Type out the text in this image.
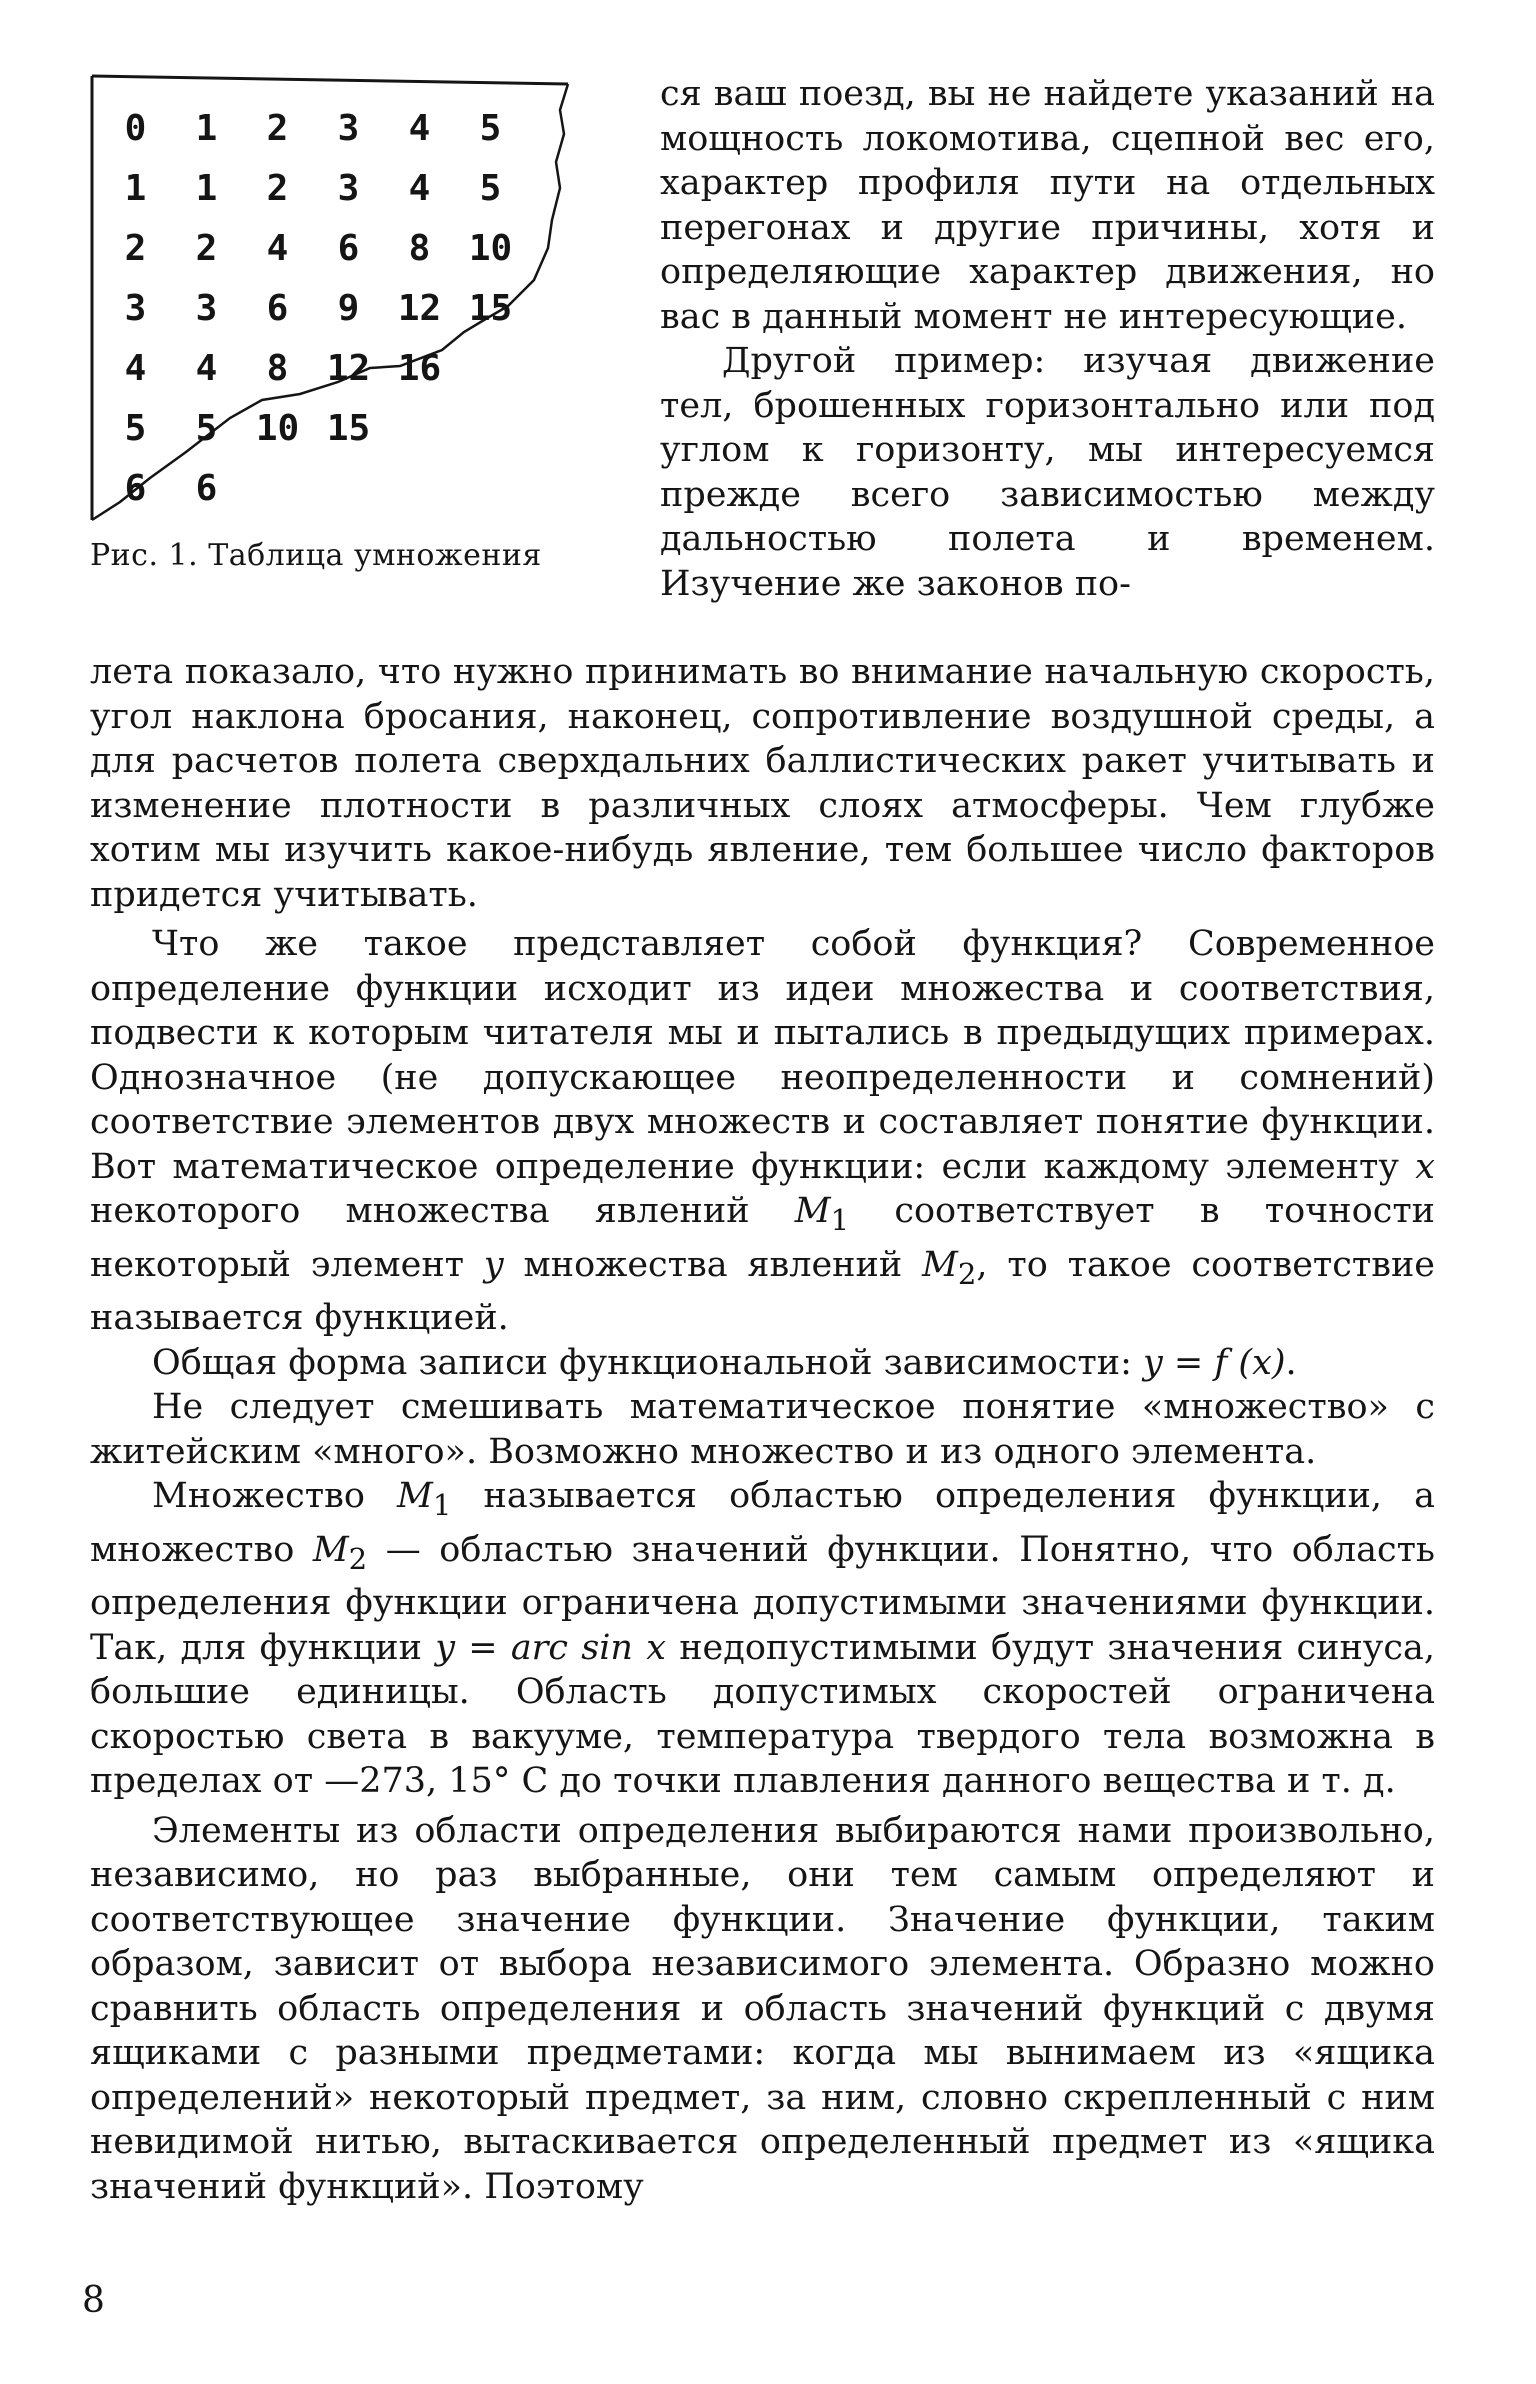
0	1	2	3	4	5
1	1	2	3	4	5
2	2	4	6	8	10
3	3	6	9	12	15
4	4	8	12	16	
5	5	10	15		
6	6				
Рис. 1. Таблица умножения

ся ваш поезд, вы не найдете указаний на мощность локомотива, сцепной вес его, характер профиля пути на отдельных перегонах и другие причины, хотя и определяющие характер движения, но вас в данный момент не интересующие.

Другой пример: изучая движение тел, брошенных горизонтально или под углом к горизонту, мы интересуемся прежде всего зависимостью между дальностью полета и временем. Изучение же законов по-

лета показало, что нужно принимать во внимание начальную скорость, угол наклона бросания, наконец, сопротивление воздушной среды, а для расчетов полета сверхдальних баллистических ракет учитывать и изменение плотности в различных слоях атмосферы. Чем глубже хотим мы изучить какое-нибудь явление, тем большее число факторов придется учитывать.

Что же такое представляет собой функция? Современное определение функции исходит из идеи множества и соответствия, подвести к которым читателя мы и пытались в предыдущих примерах. Однозначное (не допускающее неопределенности и сомнений) соответствие элементов двух множеств и составляет понятие функции. Вот математическое определение функции: если каждому элементу x некоторого множества явлений $M_1$ соответствует в точности некоторый элемент y множества явлений $M_2$, то такое соответствие называется функцией.

Общая форма записи функциональной зависимости: y = f (x).

Не следует смешивать математическое понятие «множество» с житейским «много». Возможно множество и из одного элемента.

Множество $M_1$ называется областью определения функции, а множество $M_2$ — областью значений функции. Понятно, что область определения функции ограничена допустимыми значениями функции. Так, для функции y = arc sin x недопустимыми будут значения синуса, большие единицы. Область допустимых скоростей ограничена скоростью света в вакууме, температура твердого тела возможна в пределах от —273, 15° С до точки плавления данного вещества и т. д.

Элементы из области определения выбираются нами произвольно, независимо, но раз выбранные, они тем самым определяют и соответствующее значение функции. Значение функции, таким образом, зависит от выбора независимого элемента. Образно можно сравнить область определения и область значений функций с двумя ящиками с разными предметами: когда мы вынимаем из «ящика определений» некоторый предмет, за ним, словно скрепленный с ним невидимой нитью, вытаскивается определенный предмет из «ящика значений функций». Поэтому

8
